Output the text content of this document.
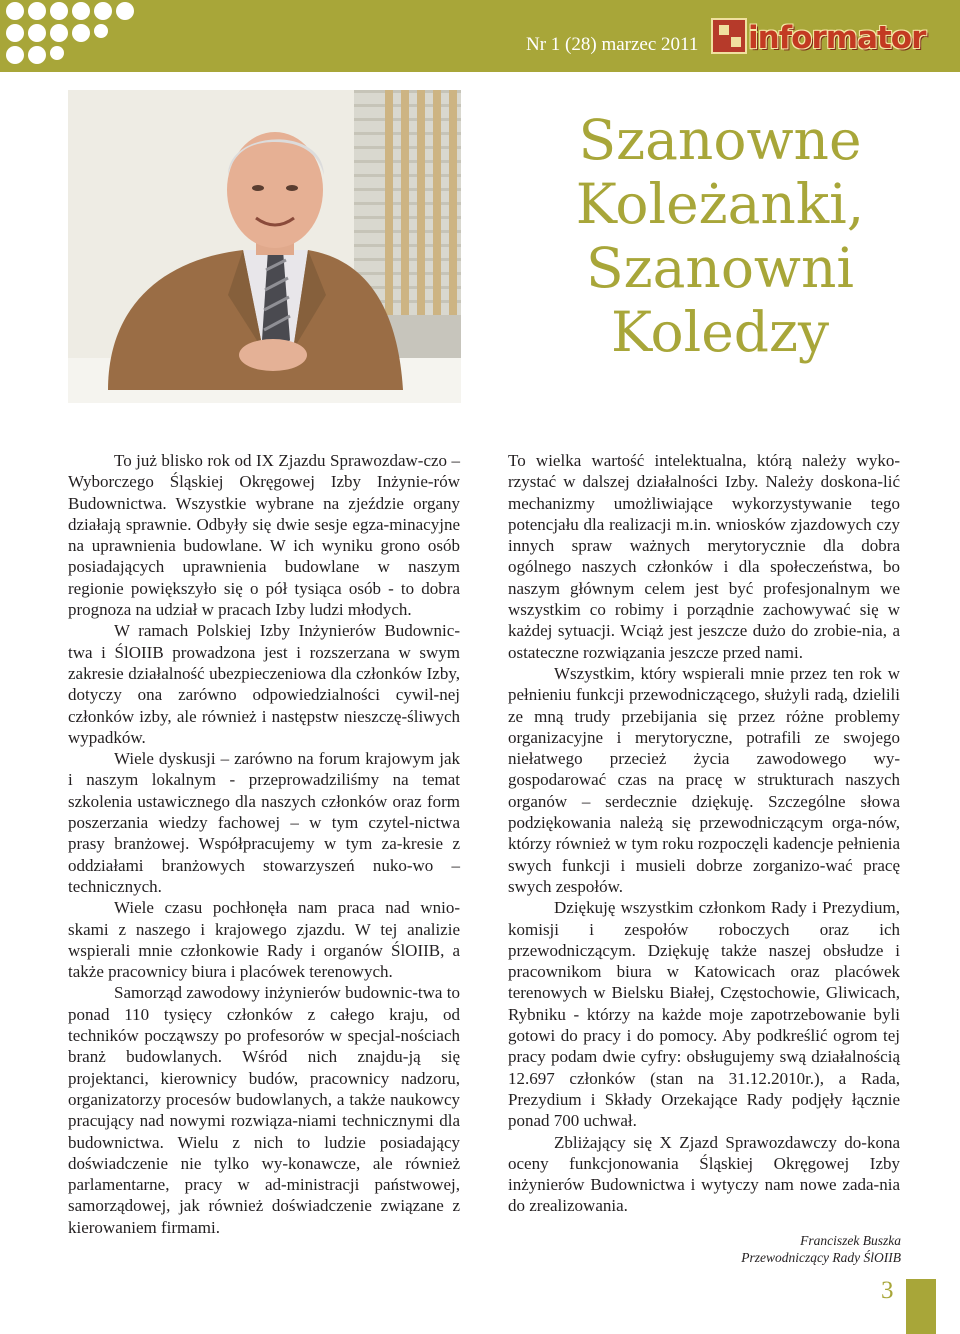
Nr 1 (28) marzec 2011 informator
Szanowne
Koleżanki,
Szanowni
Koledzy

To już blisko rok od IX Zjazdu Sprawozdaw-czo – Wyborczego Śląskiej Okręgowej Izby Inżynie-rów Budownictwa. Wszystkie wybrane na zjeździe organy działają sprawnie. Odbyły się dwie sesje egza-minacyjne na uprawnienia budowlane. W ich wyniku grono osób posiadających uprawnienia budowlane w naszym regionie powiększyło się o pół tysiąca osób - to dobra prognoza na udział w pracach Izby ludzi młodych.

W ramach Polskiej Izby Inżynierów Budownic-twa i ŚlOIIB prowadzona jest i rozszerzana w swym zakresie działalność ubezpieczeniowa dla członków Izby, dotyczy ona zarówno odpowiedzialności cywil-nej członków izby, ale również i następstw nieszczę-śliwych wypadków.

Wiele dyskusji – zarówno na forum krajowym jak i naszym lokalnym - przeprowadziliśmy na temat szkolenia ustawicznego dla naszych członków oraz form poszerzania wiedzy fachowej – w tym czytel-nictwa prasy branżowej. Współpracujemy w tym za-kresie z oddziałami branżowych stowarzyszeń nuko-wo – technicznych.

Wiele czasu pochłonęła nam praca nad wnio-skami z naszego i krajowego zjazdu. W tej analizie wspierali mnie członkowie Rady i organów ŚlOIIB, a także pracownicy biura i placówek terenowych.

Samorząd zawodowy inżynierów budownic-twa to ponad 110 tysięcy członków z całego kraju, od techników począwszy po profesorów w specjal-nościach branż budowlanych. Wśród nich znajdu-ją się projektanci, kierownicy budów, pracownicy nadzoru, organizatorzy procesów budowlanych, a także naukowcy pracujący nad nowymi rozwiąza-niami technicznymi dla budownictwa. Wielu z nich to ludzie posiadający doświadczenie nie tylko wy-konawcze, ale również parlamentarne, pracy w ad-ministracji państwowej, samorządowej, jak również doświadczenie związane z kierowaniem firmami.

To wielka wartość intelektualna, którą należy wyko-rzystać w dalszej działalności Izby. Należy doskona-lić mechanizmy umożliwiające wykorzystywanie tego potencjału dla realizacji m.in. wniosków zjazdowych czy innych spraw ważnych merytorycznie dla dobra ogólnego naszych członków i dla społeczeństwa, bo naszym głównym celem jest być profesjonalnym we wszystkim co robimy i porządnie zachowywać się w każdej sytuacji. Wciąż jest jeszcze dużo do zrobie-nia, a ostateczne rozwiązania jeszcze przed nami.

Wszystkim, który wspierali mnie przez ten rok w pełnieniu funkcji przewodniczącego, służyli radą, dzielili ze mną trudy przebijania się przez różne problemy organizacyjne i merytoryczne, potrafili ze swojego niełatwego przecież życia zawodowego wy-gospodarować czas na pracę w strukturach naszych organów – serdecznie dziękuję. Szczególne słowa podziękowania należą się przewodniczącym orga-nów, którzy również w tym roku rozpoczęli kadencje pełnienia swych funkcji i musieli dobrze zorganizo-wać pracę swych zespołów.

Dziękuję wszystkim członkom Rady i Prezydium, komisji i zespołów roboczych oraz ich przewodniczącym. Dziękuję także naszej obsłudze i pracownikom biura w Katowicach oraz placówek terenowych w Bielsku Białej, Częstochowie, Gliwicach, Rybniku - którzy na każde moje zapotrzebowanie byli gotowi do pracy i do pomocy. Aby podkreślić ogrom tej pracy podam dwie cyfry: obsługujemy swą działalnością 12.697 członków (stan na 31.12.2010r.), a Rada, Prezydium i Składy Orzekające Rady podjęły łącznie ponad 700 uchwał.

Zbliżający się X Zjazd Sprawozdawczy do-kona oceny funkcjonowania Śląskiej Okręgowej Izby inżynierów Budownictwa i wytyczy nam nowe zada-nia do zrealizowania.

Franciszek Buszka
Przewodniczący Rady ŚlOIIB
3
